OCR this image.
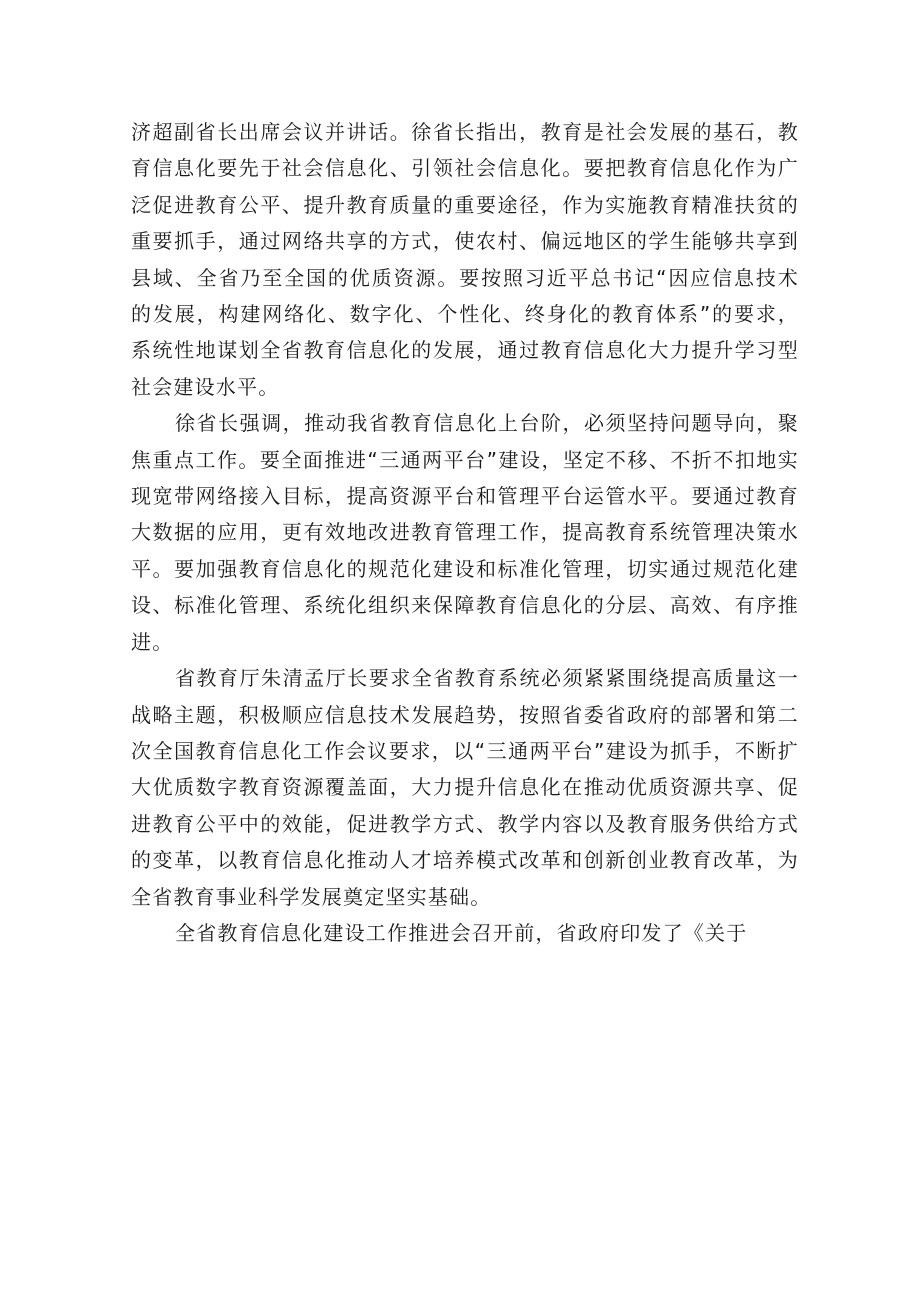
济超副省长出席会议并讲话。徐省长指出，教育是社会发展的基石，教育信息化要先于社会信息化、引领社会信息化。要把教育信息化作为广泛促进教育公平、提升教育质量的重要途径，作为实施教育精准扶贫的重要抓手，通过网络共享的方式，使农村、偏远地区的学生能够共享到县域、全省乃至全国的优质资源。要按照习近平总书记“因应信息技术的发展，构建网络化、数字化、个性化、终身化的教育体系”的要求，系统性地谋划全省教育信息化的发展，通过教育信息化大力提升学习型社会建设水平。

徐省长强调，推动我省教育信息化上台阶，必须坚持问题导向，聚焦重点工作。要全面推进“三通两平台”建设，坚定不移、不折不扣地实现宽带网络接入目标，提高资源平台和管理平台运管水平。要通过教育大数据的应用，更有效地改进教育管理工作，提高教育系统管理决策水平。要加强教育信息化的规范化建设和标准化管理，切实通过规范化建设、标准化管理、系统化组织来保障教育信息化的分层、高效、有序推进。

省教育厅朱清孟厅长要求全省教育系统必须紧紧围绕提高质量这一战略主题，积极顺应信息技术发展趋势，按照省委省政府的部署和第二次全国教育信息化工作会议要求，以“三通两平台”建设为抓手，不断扩大优质数字教育资源覆盖面，大力提升信息化在推动优质资源共享、促进教育公平中的效能，促进教学方式、教学内容以及教育服务供给方式的变革，以教育信息化推动人才培养模式改革和创新创业教育改革，为全省教育事业科学发展奠定坚实基础。

全省教育信息化建设工作推进会召开前，省政府印发了《关于
